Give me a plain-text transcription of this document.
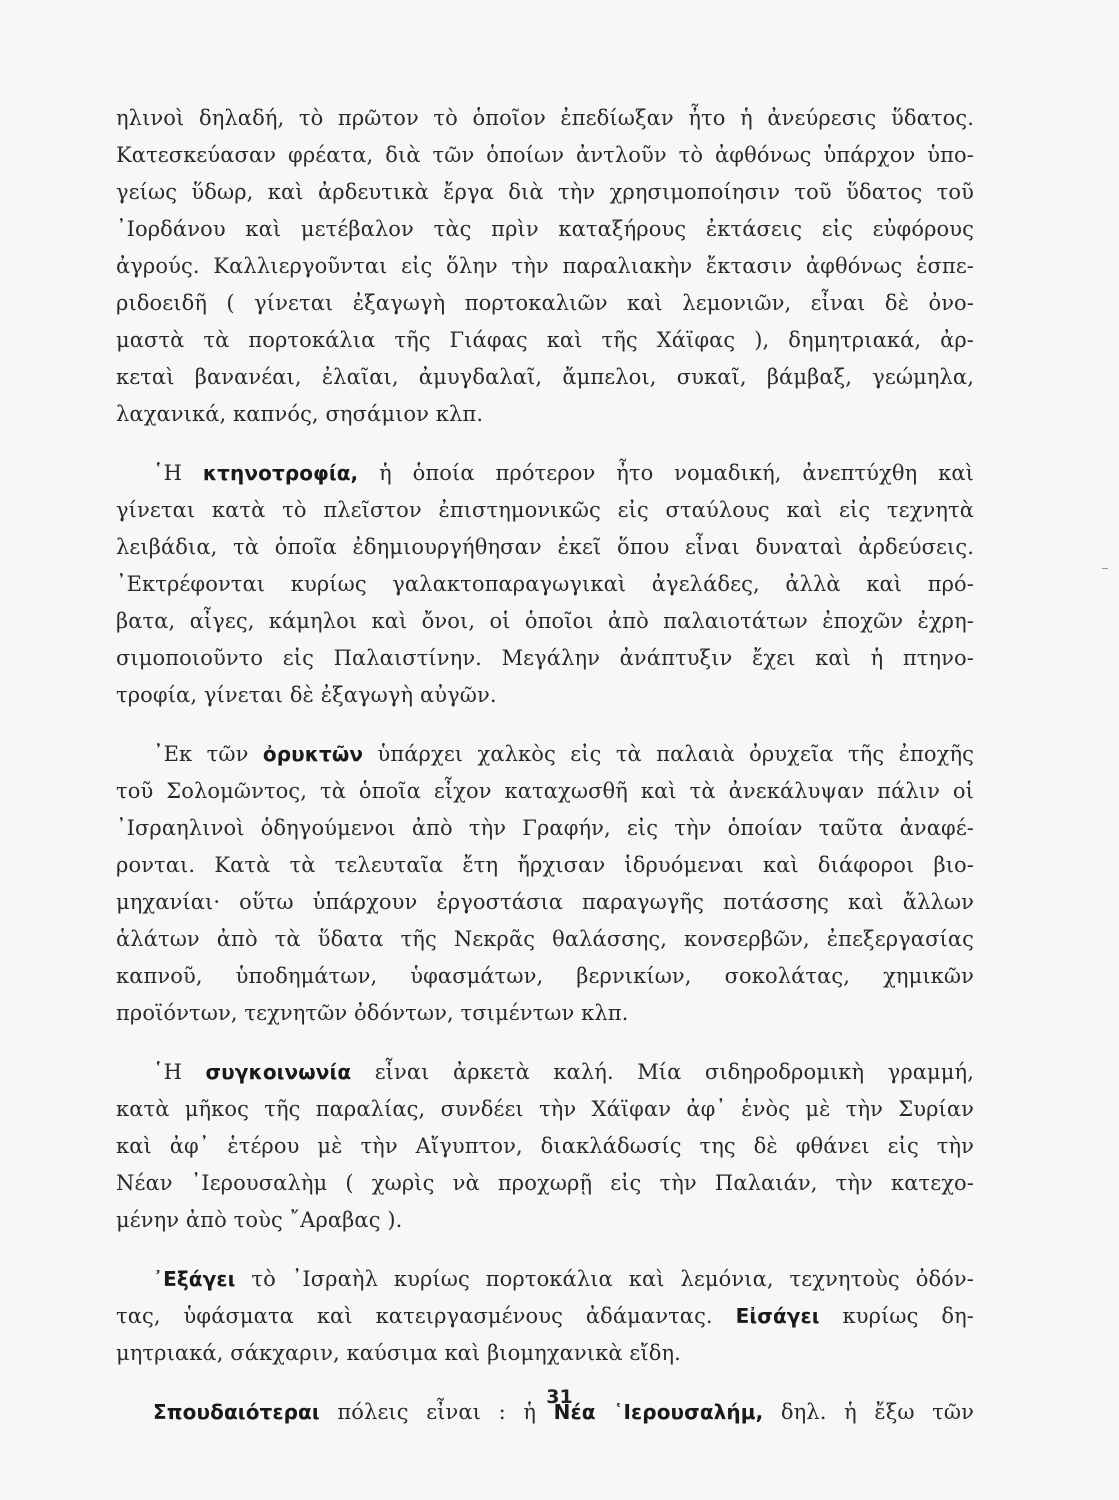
ηλινοὶ δηλαδή, τὸ πρῶτον τὸ ὁποῖον ἐπεδίωξαν ἦτο ἡ ἀνεύρεσις ὕδατος.
Κατεσκεύασαν φρέατα, διὰ τῶν ὁποίων ἀντλοῦν τὸ ἀφθόνως ὑπάρχον ὑπο-
γείως ὕδωρ, καὶ ἀρδευτικὰ ἔργα διὰ τὴν χρησιμοποίησιν τοῦ ὕδατος τοῦ
᾿Ιορδάνου καὶ μετέβαλον τὰς πρὶν καταξήρους ἐκτάσεις εἰς εὐφόρους
ἀγρούς. Καλλιεργοῦνται εἰς ὅλην τὴν παραλιακὴν ἔκτασιν ἀφθόνως ἑσπε-
ριδοειδῆ ( γίνεται ἐξαγωγὴ πορτοκαλιῶν καὶ λεμονιῶν, εἶναι δὲ ὀνο-
μαστὰ τὰ πορτοκάλια τῆς Γιάφας καὶ τῆς Χάϊφας ), δημητριακά, ἀρ-
κεταὶ βανανέαι, ἐλαῖαι, ἀμυγδαλαῖ, ἄμπελοι, συκαῖ, βάμβαξ, γεώμηλα,
λαχανικά, καπνός, σησάμιον κλπ.
῾Η κτηνοτροφία, ἡ ὁποία πρότερον ἦτο νομαδική, ἀνεπτύχθη καὶ
γίνεται κατὰ τὸ πλεῖστον ἐπιστημονικῶς εἰς σταύλους καὶ εἰς τεχνητὰ
λειβάδια, τὰ ὁποῖα ἐδημιουργήθησαν ἐκεῖ ὅπου εἶναι δυναταὶ ἀρδεύσεις.
᾿Εκτρέφονται κυρίως γαλακτοπαραγωγικαὶ ἀγελάδες, ἀλλὰ καὶ πρό-
βατα, αἶγες, κάμηλοι καὶ ὄνοι, οἱ ὁποῖοι ἀπὸ παλαιοτάτων ἐποχῶν ἐχρη-
σιμοποιοῦντο εἰς Παλαιστίνην. Μεγάλην ἀνάπτυξιν ἔχει καὶ ἡ πτηνο-
τροφία, γίνεται δὲ ἐξαγωγὴ αὐγῶν.
᾿Εκ τῶν ὀρυκτῶν ὑπάρχει χαλκὸς εἰς τὰ παλαιὰ ὀρυχεῖα τῆς ἐποχῆς
τοῦ Σολομῶντος, τὰ ὁποῖα εἶχον καταχωσθῆ καὶ τὰ ἀνεκάλυψαν πάλιν οἱ
᾿Ισραηλινοὶ ὁδηγούμενοι ἀπὸ τὴν Γραφήν, εἰς τὴν ὁποίαν ταῦτα ἀναφέ-
ρονται. Κατὰ τὰ τελευταῖα ἔτη ἤρχισαν ἱδρυόμεναι καὶ διάφοροι βιο-
μηχανίαι· οὕτω ὑπάρχουν ἐργοστάσια παραγωγῆς ποτάσσης καὶ ἄλλων
ἁλάτων ἀπὸ τὰ ὕδατα τῆς Νεκρᾶς θαλάσσης, κονσερβῶν, ἐπεξεργασίας
καπνοῦ, ὑποδημάτων, ὑφασμάτων, βερνικίων, σοκολάτας, χημικῶν
προϊόντων, τεχνητῶν ὀδόντων, τσιμέντων κλπ.
῾Η συγκοινωνία εἶναι ἀρκετὰ καλή. Μία σιδηροδρομικὴ γραμμή,
κατὰ μῆκος τῆς παραλίας, συνδέει τὴν Χάϊφαν ἀφ᾿ ἑνὸς μὲ τὴν Συρίαν
καὶ ἀφ᾿ ἑτέρου μὲ τὴν Αἴγυπτον, διακλάδωσίς της δὲ φθάνει εἰς τὴν
Νέαν ᾿Ιερουσαλὴμ ( χωρὶς νὰ προχωρῇ εἰς τὴν Παλαιάν, τὴν κατεχο-
μένην ἀπὸ τοὺς ῎Αραβας ).
᾿Εξάγει τὸ ᾿Ισραὴλ κυρίως πορτοκάλια καὶ λεμόνια, τεχνητοὺς ὀδόν-
τας, ὑφάσματα καὶ κατειργασμένους ἀδάμαντας. Εἰσάγει κυρίως δη-
μητριακά, σάκχαριν, καύσιμα καὶ βιομηχανικὰ εἴδη.
Σπουδαιότεραι πόλεις εἶναι : ἡ Νέα ῾Ιερουσαλήμ, δηλ. ἡ ἔξω τῶν
31
